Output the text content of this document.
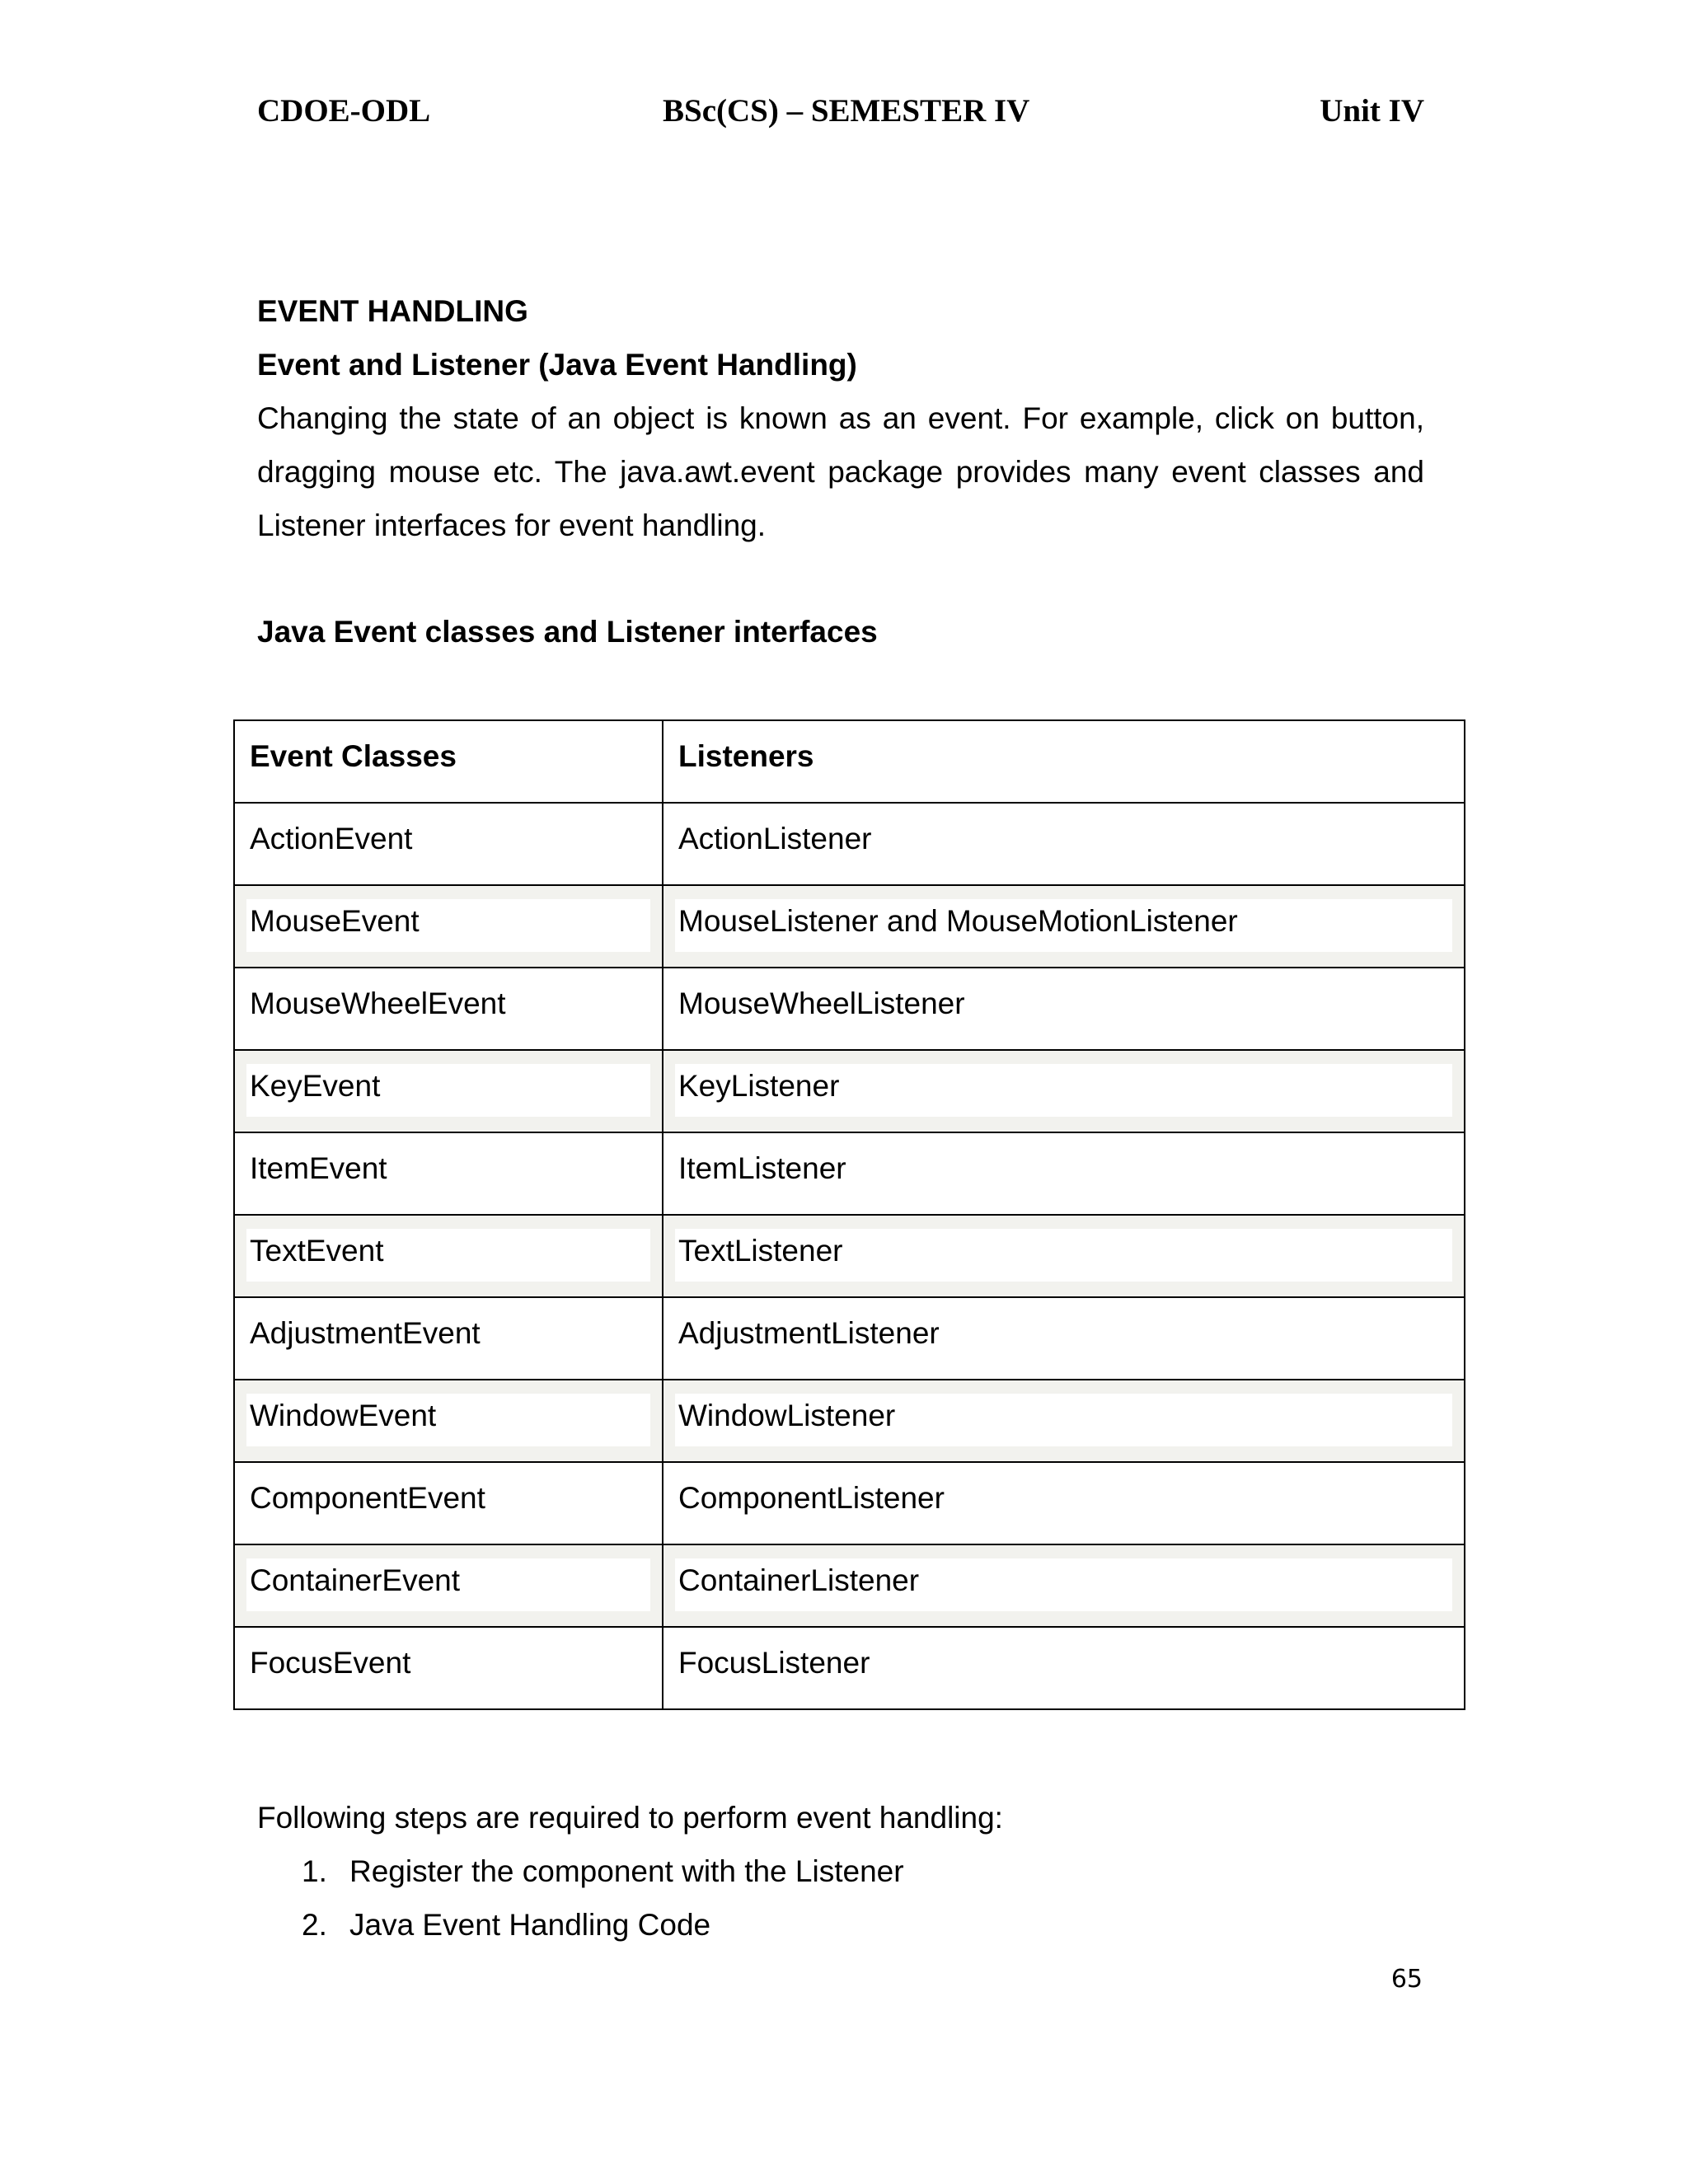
CDOE-ODL	BSc(CS) – SEMESTER IV	Unit IV
EVENT HANDLING
Event and Listener (Java Event Handling)
Changing the state of an object is known as an event. For example, click on button, dragging mouse etc. The java.awt.event package provides many event classes and Listener interfaces for event handling.
Java Event classes and Listener interfaces
Event Classes	Listeners
ActionEvent	ActionListener

MouseEvent	MouseListener and MouseMotionListener

MouseWheelEvent	MouseWheelListener

KeyEvent	KeyListener

ItemEvent	ItemListener

TextEvent	TextListener

AdjustmentEvent	AdjustmentListener

WindowEvent	WindowListener

ComponentEvent	ComponentListener

ContainerEvent	ContainerListener

FocusEvent	FocusListener
Following steps are required to perform event handling:
1. Register the component with the Listener
2. Java Event Handling Code
65
